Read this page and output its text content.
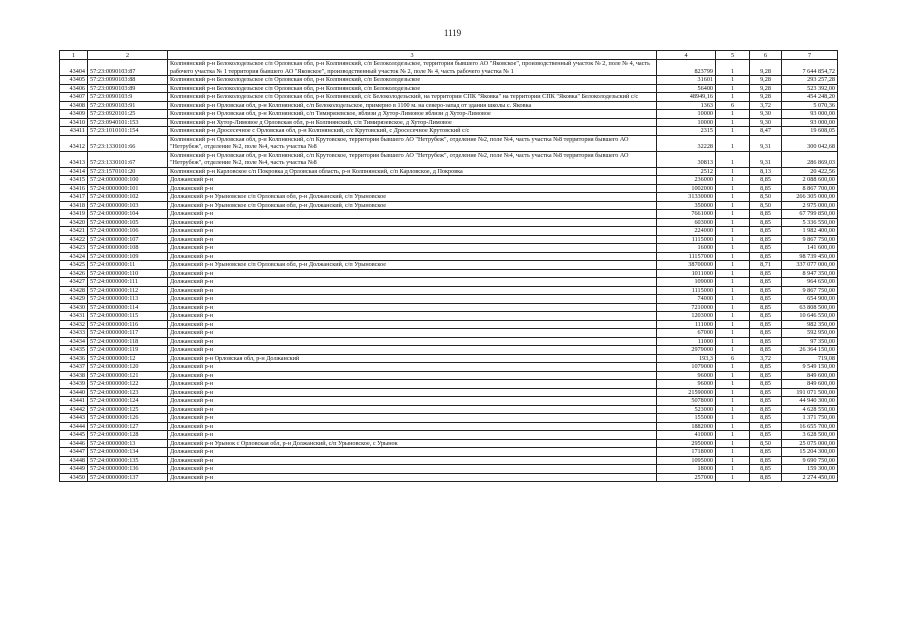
1119
1	2	3	4	5	6	7
43404	57:23:0090103:87	Колпнянский р-н Белоколодезьское с/п Орловская обл, р-н Колпнянский, с/п Белоколодезьское, территория бывшего АО "Яковское", производственный участок № 2, поле № 4, часть рабочего участка № 1 территория бывшего АО "Яковское", производственный участок № 2, поле № 4, часть рабочего участка № 1	823799	1	9,28	7 644 854,72
43405	57:23:0090103:88	Колпнянский р-н Белоколодезьское с/п Орловская обл, р-н Колпнянский, с/п Белоколодезьское	31601	1	9,28	293 257,28
43406	57:23:0090103:89	Колпнянский р-н Белоколодезьское с/п Орловская обл, р-н Колпнянский, с/п Белоколодезьское	56400	1	9,28	523 392,00
43407	57:23:0090103:9	Колпнянский р-н Белоколодезьское с/п Орловская обл, р-н Колпнянский, с/с Белоколодезьский, на территории СПК "Яковка" на территории СПК "Яковка" Белоколодезьский с/с	48949,16	1	9,28	454 248,20
43408	57:23:0090103:91	Колпнянский р-н Орловская обл, р-н Колпнянский, с/п Белоколодезьское, примерно в 1100 м. на северо-запад от здания школы с. Яковка	1363	6	3,72	5 070,36
43409	57:23:0920101:25	Колпнянский р-н Орловская обл, р-н Колпнянский, с/п Тимирязевское, вблизи д Хутор-Лимовое вблизи д Хутор-Лимовое	10000	1	9,30	93 000,00
43410	57:23:0940101:153	Колпнянский р-н Хутор-Лимовое д Орловская обл, р-н Колпнянский, с/п Тимирязевское, д Хутор-Лимовое	10000	1	9,30	93 000,00
43411	57:23:1010101:154	Колпнянский р-н Дросесечное с Орловская обл, р-н Колпнянский, с/с Крутовский, с Дросесечное Крутовский с/с	2315	1	8,47	19 608,05
43412	57:23:1330101:66	Колпнянский р-н Орловская обл, р-н Колпнянский, с/п Крутовское, территория бывшего АО "Нетрубеж", отделение №2, поле №4, часть участка №8 территория бывшего АО "Нетрубеж", отделение №2, поле №4, часть участка №8	32228	1	9,31	300 042,68
43413	57:23:1330101:67	Колпнянский р-н Орловская обл, р-н Колпнянский, с/п Крутовское, территория бывшего АО "Нетрубеж", отделение №2, поле №4, часть участка №8 территория бывшего АО "Нетрубеж", отделение №2, поле №4, часть участка №8	30813	1	9,31	286 869,03
43414	57:23:1570101:20	Колпнянский р-н Карловское с/п Покровка д Орловская область, р-н Колпнянский, с/п Карловское, д Покровка	2512	1	8,13	20 422,56
43415	57:24:0000000:100	Должанский р-н	236000	1	8,85	2 088 600,00
43416	57:24:0000000:101	Должанский р-н	1002000	1	8,85	8 867 700,00
43417	57:24:0000000:102	Должанский р-н Урыновское с/п Орловская обл, р-н Должанский, с/п Урыновское	31330000	1	8,50	266 305 000,00
43418	57:24:0000000:103	Должанский р-н Урыновское с/п Орловская обл, р-н Должанский, с/п Урыновское	350000	1	8,50	2 975 000,00
43419	57:24:0000000:104	Должанский р-н	7661000	1	8,85	67 799 850,00
43420	57:24:0000000:105	Должанский р-н	603000	1	8,85	5 336 550,00
43421	57:24:0000000:106	Должанский р-н	224000	1	8,85	1 982 400,00
43422	57:24:0000000:107	Должанский р-н	1115000	1	8,85	9 867 750,00
43423	57:24:0000000:108	Должанский р-н	16000	1	8,85	141 600,00
43424	57:24:0000000:109	Должанский р-н	11157000	1	8,85	98 739 450,00
43425	57:24:0000000:11	Должанский р-н Урыновское с/п Орловская обл, р-н Должанский, с/п Урыновское	38700000	1	8,71	337 077 000,00
43426	57:24:0000000:110	Должанский р-н	1011000	1	8,85	8 947 350,00
43427	57:24:0000000:111	Должанский р-н	109000	1	8,85	964 650,00
43428	57:24:0000000:112	Должанский р-н	1115000	1	8,85	9 867 750,00
43429	57:24:0000000:113	Должанский р-н	74000	1	8,85	654 900,00
43430	57:24:0000000:114	Должанский р-н	7210000	1	8,85	63 808 500,00
43431	57:24:0000000:115	Должанский р-н	1203000	1	8,85	10 646 550,00
43432	57:24:0000000:116	Должанский р-н	111000	1	8,85	982 350,00
43433	57:24:0000000:117	Должанский р-н	67000	1	8,85	592 950,00
43434	57:24:0000000:118	Должанский р-н	11000	1	8,85	97 350,00
43435	57:24:0000000:119	Должанский р-н	2979000	1	8,85	26 364 150,00
43436	57:24:0000000:12	Должанский р-н Орловская обл, р-н Должанский	193,3	6	3,72	719,08
43437	57:24:0000000:120	Должанский р-н	1079000	1	8,85	9 549 150,00
43438	57:24:0000000:121	Должанский р-н	96000	1	8,85	849 600,00
43439	57:24:0000000:122	Должанский р-н	96000	1	8,85	849 600,00
43440	57:24:0000000:123	Должанский р-н	21590000	1	8,85	191 071 500,00
43441	57:24:0000000:124	Должанский р-н	5078000	1	8,85	44 940 300,00
43442	57:24:0000000:125	Должанский р-н	523000	1	8,85	4 628 550,00
43443	57:24:0000000:126	Должанский р-н	155000	1	8,85	1 371 750,00
43444	57:24:0000000:127	Должанский р-н	1882000	1	8,85	16 655 700,00
43445	57:24:0000000:128	Должанский р-н	410000	1	8,85	3 628 500,00
43446	57:24:0000000:13	Должанский р-н Урынок с Орловская обл, р-н Должанский, с/п Урыновское, с Урынок	2950000	1	8,50	25 075 000,00
43447	57:24:0000000:134	Должанский р-н	1718000	1	8,85	15 204 300,00
43448	57:24:0000000:135	Должанский р-н	1095000	1	8,85	9 690 750,00
43449	57:24:0000000:136	Должанский р-н	18000	1	8,85	159 300,00
43450	57:24:0000000:137	Должанский р-н	257000	1	8,85	2 274 450,00
